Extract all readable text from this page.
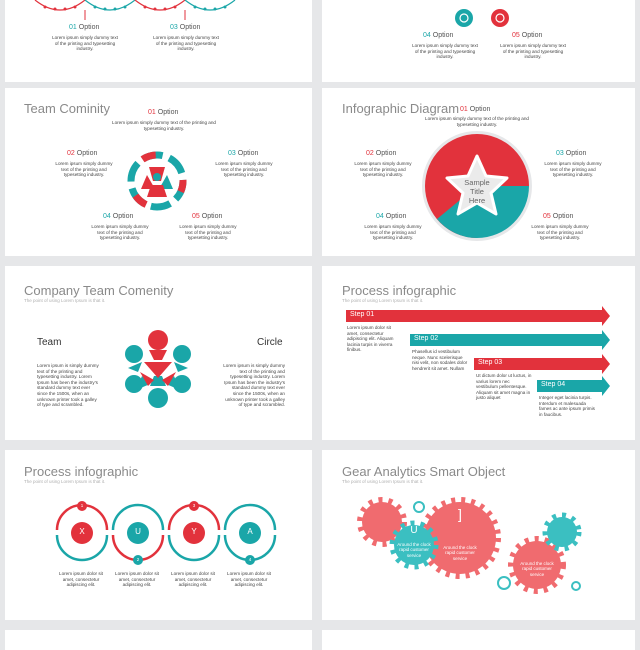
01 Option
Lorem ipsum simply dummy text of the printing and typesetting industry.
03 Option
Lorem ipsum simply dummy text of the printing and typesetting industry.
04 Option
Lorem ipsum simply dummy text of the printing and typesetting industry.
05 Option
Lorem ipsum simply dummy text of the printing and typesetting industry.
Team Cominity	01 Option
Lorem ipsum simply dummy text of the printing and typesetting industry.
02 Option
Lorem ipsum simply dummy text of the printing and typesetting industry.
03 Option
Lorem ipsum simply dummy text of the printing and typesetting industry.
04 Option
Lorem ipsum simply dummy text of the printing and typesetting industry.
05 Option
Lorem ipsum simply dummy text of the printing and typesetting industry.
Infographic Diagram
Sample
Title
Here
01 Option
Lorem ipsum simply dummy text of the printing and typesetting industry.
02 Option
Lorem ipsum simply dummy text of the printing and typesetting industry.
03 Option
Lorem ipsum simply dummy text of the printing and typesetting industry.
04 Option
Lorem ipsum simply dummy text of the printing and typesetting industry.
05 Option
Lorem ipsum simply dummy text of the printing and typesetting industry.
Company Team Comenity
The point of using Lorem Ipsum is that it.
Team	Circle
Lorem ipsum is simply dummy text of the printing and typesetting industry. Lorem Ipsum has been the industry's standard dummy text ever since the 1500s, when an unknown printer took a galley of type and scrambled.
Lorem ipsum is simply dummy text of the printing and typesetting industry. Lorem Ipsum has been the industry's standard dummy text ever since the 1500s, when an unknown printer took a galley of type and scrambled.
Process infographic
The point of using Lorem Ipsum is that it.
Step 01
Step 02
Step 03
Step 04
Lorem ipsum dolor sit amet, consectetur adipiscing elit. Aliquam lacinia turpis in viverra finibus.	Phasellus id vestibulum neque. Nunc scelerisque nisi velit, non sodales dolor hendrerit sit amet. Nullam
Ut dictum dolor ut luctus, in varius lorem nec vestibulum pellentesque. Aliquam sit amet magna in justo aliquet	Integer eget lacinia turpis. Interdum et malesuada fames ac ante ipsum primis in faucibus.
Process infographic
The point of using Lorem Ipsum is that it.
1
2
3
4
X	U	Y	A
Lorem ipsum dolor sit amet, consectetur adipiscing elit.
Lorem ipsum dolor sit amet, consectetur adipiscing elit.
Lorem ipsum dolor sit amet, consectetur adipiscing elit.
Lorem ipsum dolor sit amet, consectetur adipiscing elit.
Gear Analytics Smart Object
The point of using Lorem Ipsum is that it.
U
Around the clock rapid customer service
]
Around the clock rapid customer service
Around the clock rapid customer service
